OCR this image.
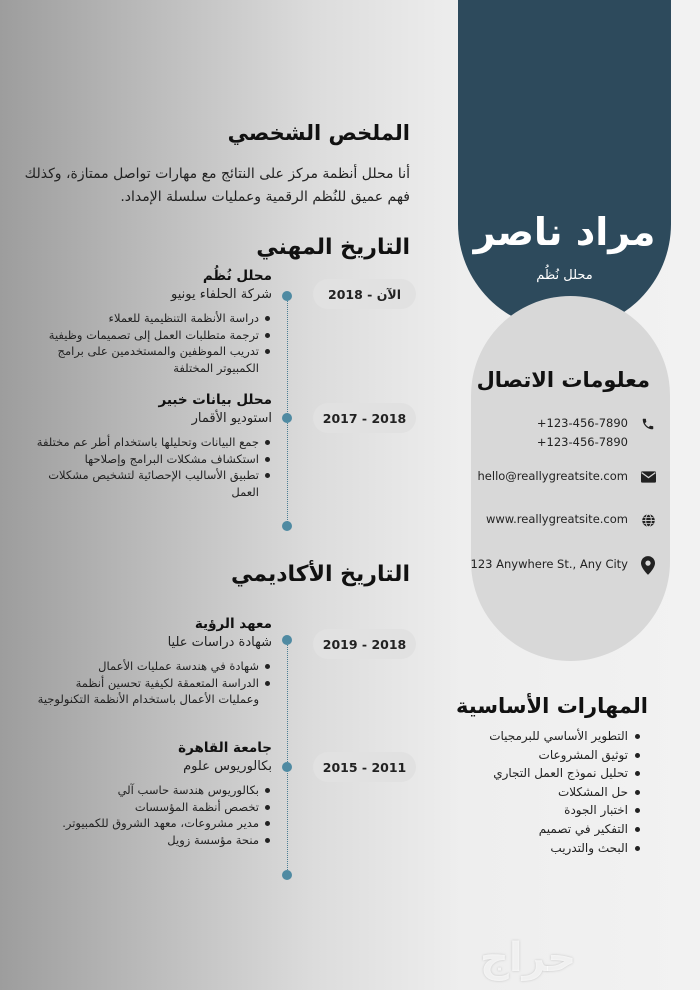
مراد ناصر
محلل نُظُم
معلومات الاتصال
+123-456-7890
+123-456-7890
hello@reallygreatsite.com
www.reallygreatsite.com
123 Anywhere St., Any City
المهارات الأساسية
التطوير الأساسي للبرمجيات
توثيق المشروعات
تحليل نموذج العمل التجاري
حل المشكلات
اختبار الجودة
التفكير في تصميم
البحث والتدريب
الملخص الشخصي
أنا محلل أنظمة مركز على النتائج مع مهارات تواصل ممتازة، وكذلك فهم عميق للنُظم الرقمية وعمليات سلسلة الإمداد.
التاريخ المهني
الآن - 2018
محلل نُظُم
شركة الحلفاء يونيو
دراسة الأنظمة التنظيمية للعملاء
ترجمة متطلبات العمل إلى تصميمات وظيفية
تدريب الموظفين والمستخدمين على برامج الكمبيوتر المختلفة
2018 - 2017
محلل بيانات خبير
استوديو الأقمار
جمع البيانات وتحليلها باستخدام أطر عم مختلفة
استكشاف مشكلات البرامج وإصلاحها
تطبيق الأساليب الإحصائية لتشخيص مشكلات العمل
التاريخ الأكاديمي
2018 - 2019
معهد الرؤية
شهادة دراسات عليا
شهادة في هندسة عمليات الأعمال
الدراسة المتعمقة لكيفية تحسين أنظمة وعمليات الأعمال باستخدام الأنظمة التكنولوجية
2011 - 2015
جامعة القاهرة
بكالوريوس علوم
بكالوريوس هندسة حاسب آلي
تخصص أنظمة المؤسسات
مدير مشروعات، معهد الشروق للكمبيوتر.
منحة مؤسسة زويل
حراج
